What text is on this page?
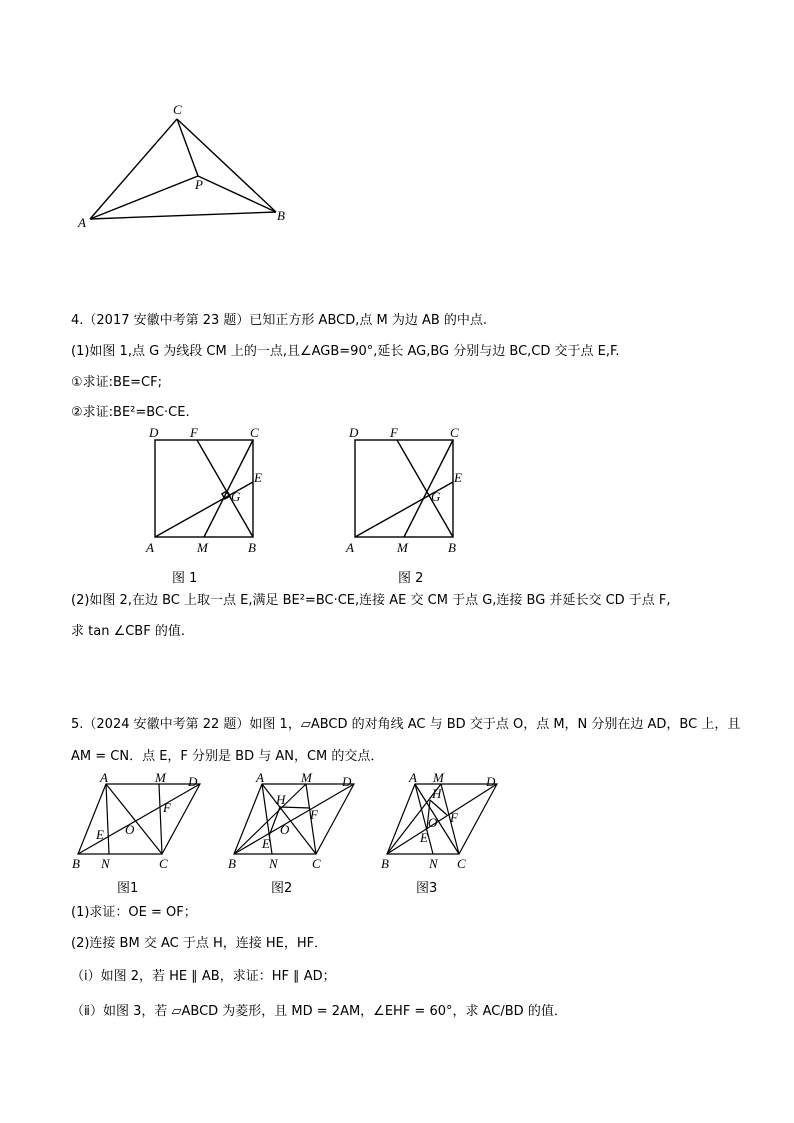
C
P
A	B
4.（2017 安徽中考第 23 题）已知正方形 ABCD,点 M 为边 AB 的中点.
(1)如图 1,点 G 为线段 CM 上的一点,且∠AGB=90°,延长 AG,BG 分别与边 BC,CD 交于点 E,F.
①求证:BE=CF;
②求证:BE²=BC·CE.
D F	C
E
G
A	M	B
图 1
D F	C
E
G
A	M	B
图 2
(2)如图 2,在边 BC 上取一点 E,满足 BE²=BC·CE,连接 AE 交 CM 于点 G,连接 BG 并延长交 CD 于点 F,
求 tan ∠CBF 的值.
5.（2024 安徽中考第 22 题）如图 1，▱ABCD 的对角线 AC 与 BD 交于点 O，点 M，N 分别在边 AD，BC 上，且
AM = CN．点 E，F 分别是 BD 与 AN，CM 的交点．
A	M D
F
E O
B N	C
图1
A	M D
H
F
O
E
B	N	C
图2
A M	D
H
F
O
E
B	N C
图3
(1)求证：OE = OF；
(2)连接 BM 交 AC 于点 H，连接 HE，HF．
（ⅰ）如图 2，若 HE ∥ AB，求证：HF ∥ AD；
（ⅱ）如图 3，若 ▱ABCD 为菱形，且 MD = 2AM，∠EHF = 60°，求 AC/BD 的值．
